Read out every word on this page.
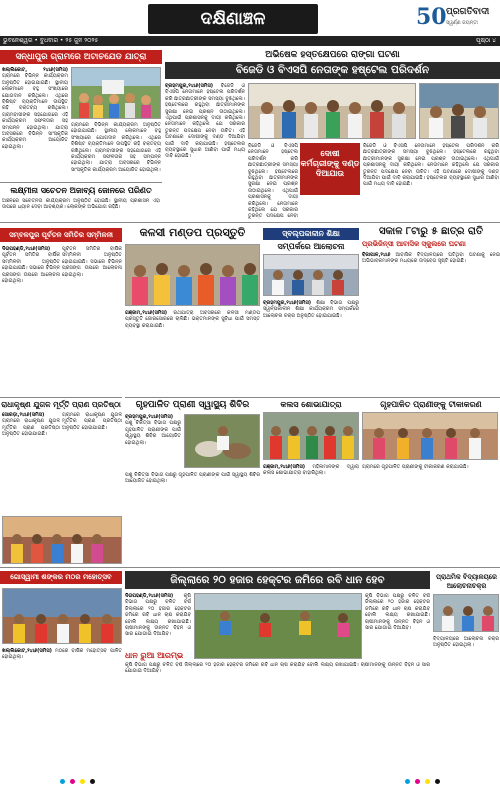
ଦକ୍ଷିଣାଞ୍ଚଳ	50 ପ୍ରଗତିବାଦୀ
ସ୍ୱର୍ଣ୍ଣ ଜୟନ୍ତୀ
ଭୁବନେଶ୍ୱର • ବୁଧବାର • ୨୫ ଜୁନ ୨୦୨୫	ପୃଷ୍ଠା ୪
ସନ୍ଧାପୁର ଗ୍ରାମରେ ଅଟାଚଯେଡ ଯାତ୍ରା
ଖଲ୍ଲିକୋଟ, ୨୪ା୬(ସମିସ) ଗ୍ରାମରେ ବିଭିନ୍ନ କାର୍ଯ୍ୟକ୍ରମ ଅନୁଷ୍ଠିତ ହୋଇଯାଇଛି। ସ୍ଥାନୀୟ ଲୋକମାନେ ବହୁ ସଂଖ୍ୟାରେ ଯୋଗଦାନ କରିଥିଲେ। ଏଥିରେ ବିଶିଷ୍ଟ ବ୍ୟକ୍ତିମାନେ ଉପସ୍ଥିତ ରହି ବକ୍ତବ୍ୟ ରଖିଥିଲେ। ଗ୍ରାମବାସୀଙ୍କ ସହଯୋଗରେ ଏହି କାର୍ଯ୍ୟକ୍ରମ ସଫଳତାର ସହ ସମ୍ପନ୍ନ ହୋଇଥିଲା। ଯାତ୍ରା ଅବସରରେ ବିଭିନ୍ନ ସାଂସ୍କୃତିକ କାର୍ଯ୍ୟକ୍ରମ ଆୟୋଜିତ ହୋଇଥିଲା।
ଗ୍ରାମରେ ବିଭିନ୍ନ କାର୍ଯ୍ୟକ୍ରମ ଅନୁଷ୍ଠିତ ହୋଇଯାଇଛି। ସ୍ଥାନୀୟ ଲୋକମାନେ ବହୁ ସଂଖ୍ୟାରେ ଯୋଗଦାନ କରିଥିଲେ। ଏଥିରେ ବିଶିଷ୍ଟ ବ୍ୟକ୍ତିମାନେ ଉପସ୍ଥିତ ରହି ବକ୍ତବ୍ୟ ରଖିଥିଲେ। ଗ୍ରାମବାସୀଙ୍କ ସହଯୋଗରେ ଏହି କାର୍ଯ୍ୟକ୍ରମ ସଫଳତାର ସହ ସମ୍ପନ୍ନ ହୋଇଥିଲା। ଯାତ୍ରା ଅବସରରେ ବିଭିନ୍ନ ସାଂସ୍କୃତିକ କାର୍ଯ୍ୟକ୍ରମ ଆୟୋଜିତ ହୋଇଥିଲା।
ଲକ୍ଷ୍ମୀନା ସଚେତନ ଅଜାବ୍ୟ ଜୋନରେ ପରିଣତ
ଅଞ୍ଚଳରେ ସଚେତନତା କାର୍ଯ୍ୟକ୍ରମ ଅନୁଷ୍ଠିତ ହୋଇଛି। ସ୍ଥାନୀୟ ପ୍ରଶାସନ ଏହା ଉପରେ ଧ୍ୟାନ ଦେବା ଆବଶ୍ୟକ। ଲୋକଙ୍କ ଅଭିଯୋଗ ରହିଛି।
ଅଭିଷେକ ହସ୍ତକ୍ଷେପରେ ରାଙ୍ଗା ଘଟଣା
ବିଜେଡି ଓ ବିଏସପି ନେତାଙ୍କ ହଷ୍ଟେଲ ପରିଦର୍ଶନ
ବ୍ରହ୍ମପୁର,୨୪ା୬(ସମିସ) ବିଜେଡି ଓ ବିଏସପି ନେତାମାନେ ହଷ୍ଟେଲ ପରିଦର୍ଶନ କରି ଛାତ୍ରଛାତ୍ରୀଙ୍କ ସମସ୍ୟା ବୁଝିଥିଲେ। ହଷ୍ଟେଲରେ ରହୁଥିବା ଛାତ୍ରୀମାନଙ୍କ ସୁରକ୍ଷା ନେଇ ପ୍ରଶ୍ନ ଉଠାଇଥିଲେ। ଏଥିପାଇଁ ପ୍ରଶାସନକୁ ଦାୟୀ କରିଥିଲେ। ନେତାମାନେ କହିଥିଲେ ଯେ ସରକାର ତୁରନ୍ତ ପଦକ୍ଷେପ ନେବା ଉଚିତ। ଏହି ଘଟଣାରେ ଦୋଷୀଙ୍କୁ ଦଣ୍ଡ ଦିଆଯିବା ପାଇଁ ଦାବି କରାଯାଇଛି। ହଷ୍ଟେଲର ବ୍ୟବସ୍ଥାରେ ସୁଧାର ଆଣିବା ପାଇଁ ମଧ୍ୟ ଦାବି ହୋଇଛି।	ଦୋଷୀ କର୍ମଚାରୀଙ୍କୁ ଦଣ୍ଡ ଦିଆଯାଉ
ବିଜେଡି ଓ ବିଏସପି ନେତାମାନେ ହଷ୍ଟେଲ ପରିଦର୍ଶନ କରି ଛାତ୍ରଛାତ୍ରୀଙ୍କ ସମସ୍ୟା ବୁଝିଥିଲେ। ହଷ୍ଟେଲରେ ରହୁଥିବା ଛାତ୍ରୀମାନଙ୍କ ସୁରକ୍ଷା ନେଇ ପ୍ରଶ୍ନ ଉଠାଇଥିଲେ। ଏଥିପାଇଁ ପ୍ରଶାସନକୁ ଦାୟୀ କରିଥିଲେ। ନେତାମାନେ କହିଥିଲେ ଯେ ସରକାର ତୁରନ୍ତ ପଦକ୍ଷେପ ନେବା
ବିଜେଡି ଓ ବିଏସପି ନେତାମାନେ ହଷ୍ଟେଲ ପରିଦର୍ଶନ କରି ଛାତ୍ରଛାତ୍ରୀଙ୍କ ସମସ୍ୟା ବୁଝିଥିଲେ। ହଷ୍ଟେଲରେ ରହୁଥିବା ଛାତ୍ରୀମାନଙ୍କ ସୁରକ୍ଷା ନେଇ ପ୍ରଶ୍ନ ଉଠାଇଥିଲେ। ଏଥିପାଇଁ ପ୍ରଶାସନକୁ ଦାୟୀ କରିଥିଲେ। ନେତାମାନେ କହିଥିଲେ ଯେ ସରକାର ତୁରନ୍ତ ପଦକ୍ଷେପ ନେବା ଉଚିତ। ଏହି ଘଟଣାରେ ଦୋଷୀଙ୍କୁ ଦଣ୍ଡ ଦିଆଯିବା ପାଇଁ ଦାବି କରାଯାଇଛି। ହଷ୍ଟେଲର ବ୍ୟବସ୍ଥାରେ ସୁଧାର ଆଣିବା ପାଇଁ ମଧ୍ୟ ଦାବି ହୋଇଛି।
ସମ୍ବଳପୁର ପୂର୍ବତନ ସମିତିର ସମ୍ମିଳନୀ
ଦିଗପହଣ୍ଡି,୨୪ା୬(ସମିସ) ପୂର୍ବତନ ସମିତିର ବାର୍ଷିକ ସମ୍ମିଳନୀ ଅନୁଷ୍ଠିତ ହୋଇଯାଇଛି। ସଭାରେ ବିଭିନ୍ନ ପ୍ରସଙ୍ଗ ଉପରେ ଆଲୋଚନା ହୋଇଥିଲା।
ପୂର୍ବତନ ସମିତିର ବାର୍ଷିକ ସମ୍ମିଳନୀ ଅନୁଷ୍ଠିତ ହୋଇଯାଇଛି। ସଭାରେ ବିଭିନ୍ନ ପ୍ରସଙ୍ଗ ଉପରେ ଆଲୋଚନା ହୋଇଥିଲା।
କଳସୀ ମଣ୍ଡପ ପ୍ରସ୍ତୁତି
ଗଞ୍ଜାମ,୨୪ା୬(ସମିସ) ରଥଯାତ୍ରା ଅବସରରେ କଳସୀ ମଣ୍ଡପ ପ୍ରସ୍ତୁତି ଜୋରସୋରରେ ଚାଲିଛି। ଭକ୍ତମାନଙ୍କ ସୁବିଧା ପାଇଁ ସମସ୍ତ ବ୍ୟବସ୍ଥା କରାଯାଇଛି।
ସ୍ବଲ୍ପକାଳୀନ ଶିକ୍ଷା
ସମ୍ପର୍କରେ ଆଲୋଚନା
ବ୍ରହ୍ମପୁର,୨୪ା୬(ସମିସ) ଶିକ୍ଷା ବିଭାଗ ପକ୍ଷରୁ ସ୍ୱଳ୍ପକାଳୀନ ଶିକ୍ଷା କାର୍ଯ୍ୟକ୍ରମ ସମ୍ପର୍କରେ ଆଲୋଚନା ଚକ୍ର ଅନୁଷ୍ଠିତ ହୋଇଯାଇଛି।
ସକାଳ ୮ଟାରୁ ୫ ଛାତ୍ର ରାତି
ପ୍ରଭିଜିନ୍ସୀ ଆବାସିକ ସ୍କୁଲରେ ଘଟଣା
ବିଜାପାଳ,୨୪ା୬ ଆବାସିକ ବିଦ୍ୟାଳୟରେ ଘଟିଥିବା ଘଟଣାକୁ ନେଇ ଅଭିଭାବକମାନଙ୍କ ମଧ୍ୟରେ ଉଦ୍‌ବେଗ ସୃଷ୍ଟି ହୋଇଛି।
ରାଧାକୃଷ୍ଣ ଯୁଗଳ ମୂର୍ତ୍ତି ପ୍ରାଣ ପ୍ରତିଷ୍ଠା
ସୋରଡ଼ା,୨୪ା୬(ସମିସ) ଗ୍ରାମରେ ରାଧାକୃଷ୍ଣ ଯୁଗଳ ମୂର୍ତ୍ତିର ପ୍ରାଣ ପ୍ରତିଷ୍ଠା ଅନୁଷ୍ଠିତ ହୋଇଯାଇଛି।
ଗ୍ରାମରେ ରାଧାକୃଷ୍ଣ ଯୁଗଳ ମୂର୍ତ୍ତିର ପ୍ରାଣ ପ୍ରତିଷ୍ଠା ଅନୁଷ୍ଠିତ ହୋଇଯାଇଛି।
ଗୃହପାଳିତ ପ୍ରାଣୀ ସ୍ୱାସ୍ଥ୍ୟ ଶିବିର
ବ୍ରହ୍ମପୁର,୨୪ା୬(ସମିସ) ପଶୁ ଚିକିତ୍ସା ବିଭାଗ ପକ୍ଷରୁ ଗୃହପାଳିତ ପ୍ରାଣୀଙ୍କ ପାଇଁ ସ୍ୱାସ୍ଥ୍ୟ ଶିବିର ଆୟୋଜିତ ହୋଇଥିଲା।
ପଶୁ ଚିକିତ୍ସା ବିଭାଗ ପକ୍ଷରୁ ଗୃହପାଳିତ ପ୍ରାଣୀଙ୍କ ପାଇଁ ସ୍ୱାସ୍ଥ୍ୟ ଶିବିର ଆୟୋଜିତ ହୋଇଥିଲା।
କଲସ ଶୋଭାଯାତ୍ରା
ଗଞ୍ଜାମ,୨୪ା୬(ସମିସ) ମହିଳାମାନଙ୍କ ଦ୍ୱାରା କଲସ ଶୋଭାଯାତ୍ରା ବାହାରିଥିଲା।
ଗୃହପାଳିତ ପ୍ରାଣୀଙ୍କୁ ଟୀକାକରଣ
ଗ୍ରାମରେ ଗୃହପାଳିତ ପ୍ରାଣୀଙ୍କୁ ଟୀକାକରଣ କରାଯାଇଛି।
ଗୋସ୍ୱାମୀ ଶଙ୍କର ମଠର ମହୋତ୍ସବ
ଖଲ୍ଲିକୋଟ,୨୪ା୬(ସମିସ) ମଠରେ ବାର୍ଷିକ ମହୋତ୍ସବ ପାଳିତ ହୋଇଥିଲା।
ଜିଲ୍ଲାରେ ୨୦ ହଜାର ହେକ୍ଟର ଜମିରେ ରବି ଧାନ ହେବ
ଦିଗପହଣ୍ଡି,୨୪ା୬(ସମିସ) କୃଷି ବିଭାଗ ପକ୍ଷରୁ ଚଳିତ ବର୍ଷ ଜିଲ୍ଲାରେ ୨୦ ହଜାର ହେକ୍ଟର ଜମିରେ ରବି ଧାନ ଚାଷ କରାଯିବ ବୋଲି ଲକ୍ଷ୍ୟ ରଖାଯାଇଛି। ଚାଷୀମାନଙ୍କୁ ଉନ୍ନତ ବିହନ ଓ ସାର ଯୋଗାଇ ଦିଆଯିବ।
କୃଷି ବିଭାଗ ପକ୍ଷରୁ ଚଳିତ ବର୍ଷ ଜିଲ୍ଲାରେ ୨୦ ହଜାର ହେକ୍ଟର ଜମିରେ ରବି ଧାନ ଚାଷ କରାଯିବ ବୋଲି ଲକ୍ଷ୍ୟ ରଖାଯାଇଛି। ଚାଷୀମାନଙ୍କୁ ଉନ୍ନତ ବିହନ ଓ ସାର ଯୋଗାଇ ଦିଆଯିବ।
ଧାନ ରୁଆ ଆରମ୍ଭ
କୃଷି ବିଭାଗ ପକ୍ଷରୁ ଚଳିତ ବର୍ଷ ଜିଲ୍ଲାରେ ୨୦ ହଜାର ହେକ୍ଟର ଜମିରେ ରବି ଧାନ ଚାଷ କରାଯିବ ବୋଲି ଲକ୍ଷ୍ୟ ରଖାଯାଇଛି। ଚାଷୀମାନଙ୍କୁ ଉନ୍ନତ ବିହନ ଓ ସାର ଯୋଗାଇ ଦିଆଯିବ।
ପ୍ରାଥମିକ ବିଦ୍ୟାଳୟରେ
ଆଲୋଚନାଚକ୍ର
ବିଦ୍ୟାଳୟରେ ଆଲୋଚନା ଚକ୍ର ଅନୁଷ୍ଠିତ ହୋଇଥିଲା।
